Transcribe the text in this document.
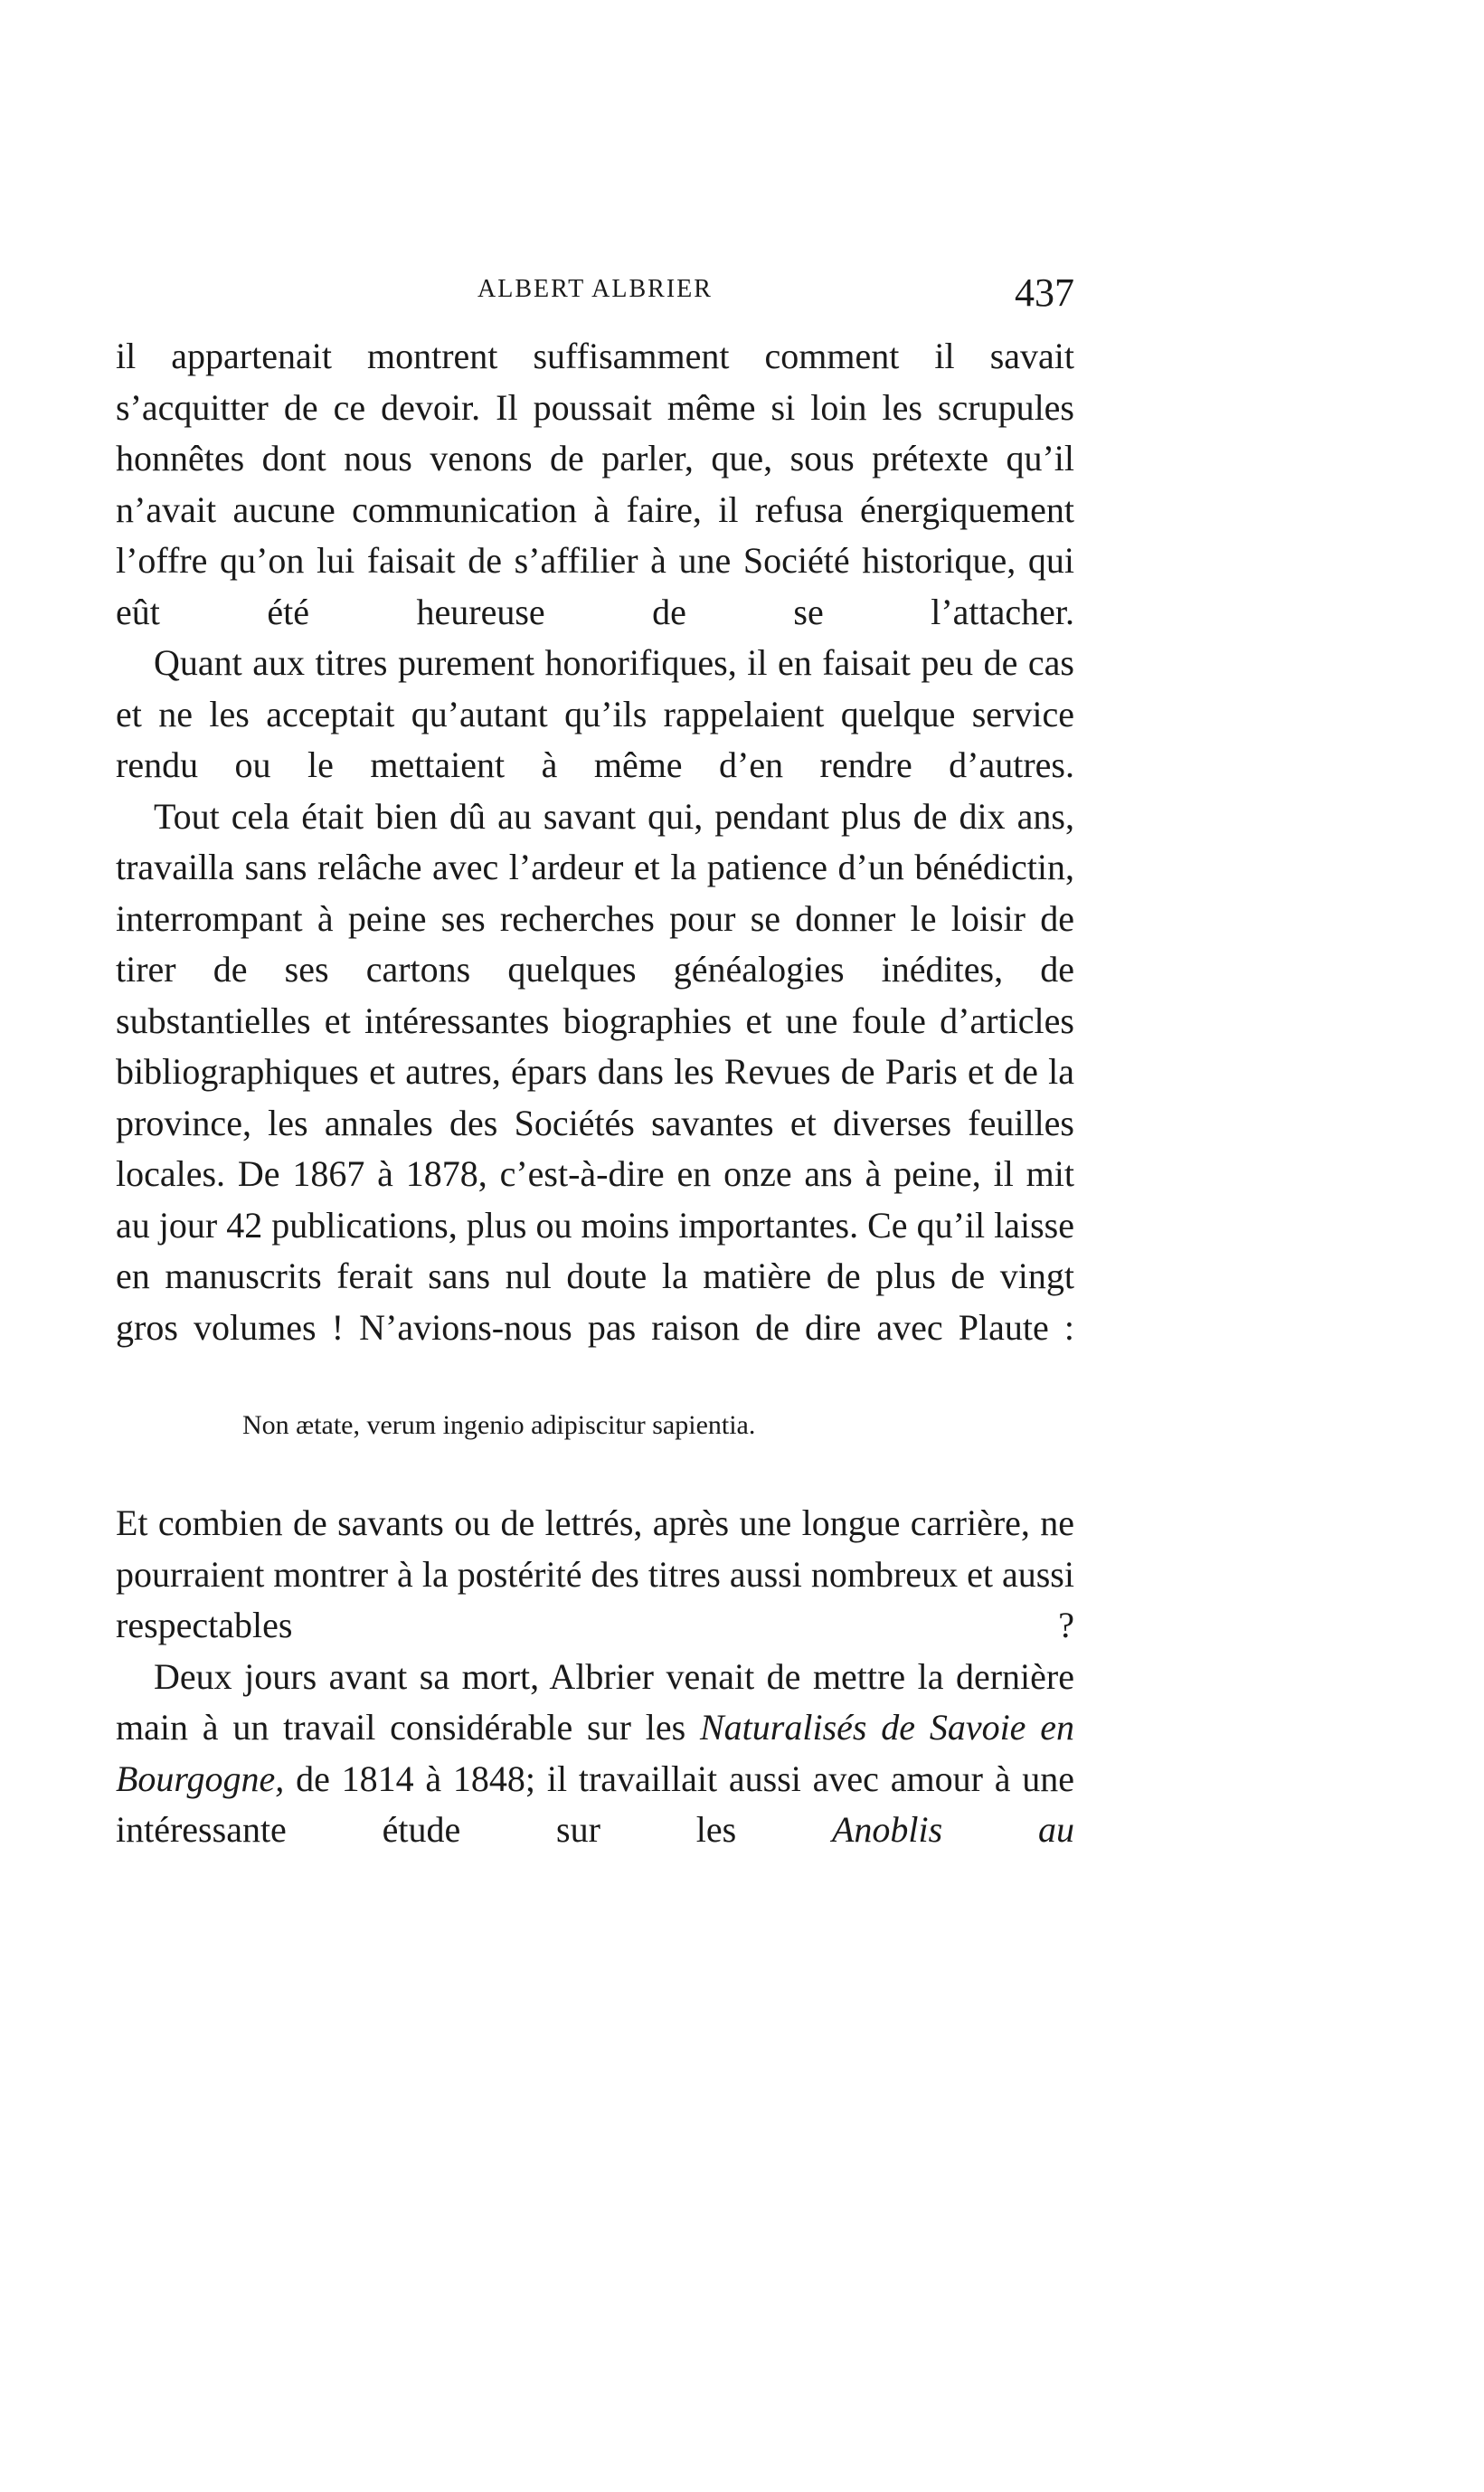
ALBERT ALBRIER	437

il appartenait montrent suffisamment comment il savait s’acquitter de ce devoir. Il poussait même si loin les scrupules honnêtes dont nous venons de parler, que, sous prétexte qu’il n’avait aucune communication à faire, il refusa énergiquement l’offre qu’on lui faisait de s’affilier à une Société historique, qui eût été heureuse de se l’attacher.

Quant aux titres purement honorifiques, il en faisait peu de cas et ne les acceptait qu’autant qu’ils rappelaient quelque service rendu ou le mettaient à même d’en rendre d’autres.

Tout cela était bien dû au savant qui, pendant plus de dix ans, travailla sans relâche avec l’ardeur et la patience d’un bénédictin, interrompant à peine ses recherches pour se donner le loisir de tirer de ses cartons quelques généalogies inédites, de substantielles et intéressantes biographies et une foule d’articles bibliographiques et autres, épars dans les Revues de Paris et de la province, les annales des Sociétés savantes et diverses feuilles locales. De 1867 à 1878, c’est-à-dire en onze ans à peine, il mit au jour 42 publications, plus ou moins importantes. Ce qu’il laisse en manuscrits ferait sans nul doute la matière de plus de vingt gros volumes ! N’avions-nous pas raison de dire avec Plaute :

Non ætate, verum ingenio adipiscitur sapientia.

Et combien de savants ou de lettrés, après une longue carrière, ne pourraient montrer à la postérité des titres aussi nombreux et aussi respectables ?

Deux jours avant sa mort, Albrier venait de mettre la dernière main à un travail considérable sur les Naturalisés de Savoie en Bourgogne, de 1814 à 1848; il travaillait aussi avec amour à une intéressante étude sur les Anoblis au
